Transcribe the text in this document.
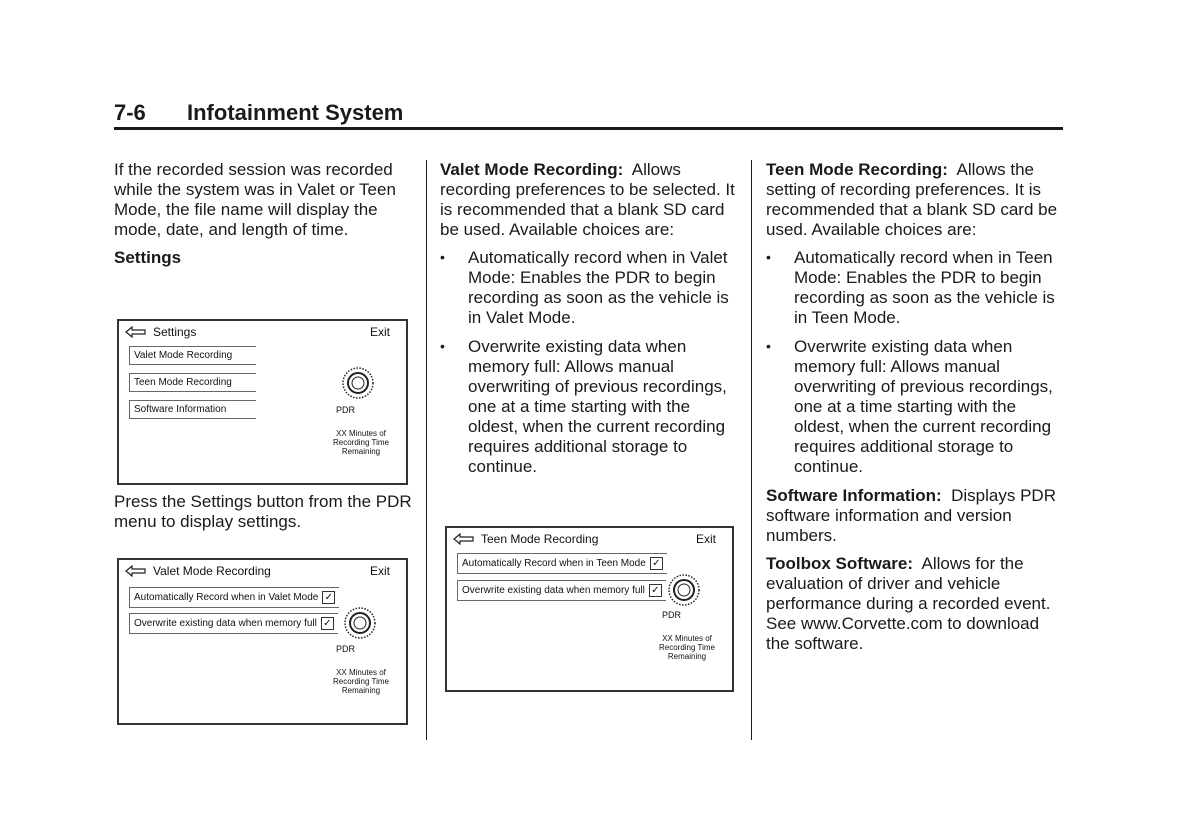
7-6 Infotainment System

If the recorded session was recorded while the system was in Valet or Teen Mode, the file name will display the mode, date, and length of time.

Settings

Settings	Exit
Valet Mode Recording
Teen Mode Recording
Software Information	PDR
XX Minutes of
Recording Time
Remaining

Press the Settings button from the PDR menu to display settings.

Valet Mode Recording	Exit
Automatically Record when in Valet Mode ✓
Overwrite existing data when memory full ✓
PDR
XX Minutes of
Recording Time
Remaining

Valet Mode Recording: Allows recording preferences to be selected. It is recommended that a blank SD card be used. Available choices are:

• Automatically record when in Valet Mode: Enables the PDR to begin recording as soon as the vehicle is in Valet Mode.
• Overwrite existing data when memory full: Allows manual overwriting of previous recordings, one at a time starting with the oldest, when the current recording requires additional storage to continue.
Teen Mode Recording	Exit
Automatically Record when in Teen Mode ✓
Overwrite existing data when memory full ✓
PDR
XX Minutes of
Recording Time
Remaining

Teen Mode Recording: Allows the setting of recording preferences. It is recommended that a blank SD card be used. Available choices are:

• Automatically record when in Teen Mode: Enables the PDR to begin recording as soon as the vehicle is in Teen Mode.
• Overwrite existing data when memory full: Allows manual overwriting of previous recordings, one at a time starting with the oldest, when the current recording requires additional storage to continue.

Software Information: Displays PDR software information and version numbers.

Toolbox Software: Allows for the evaluation of driver and vehicle performance during a recorded event. See www.Corvette.com to download the software.
